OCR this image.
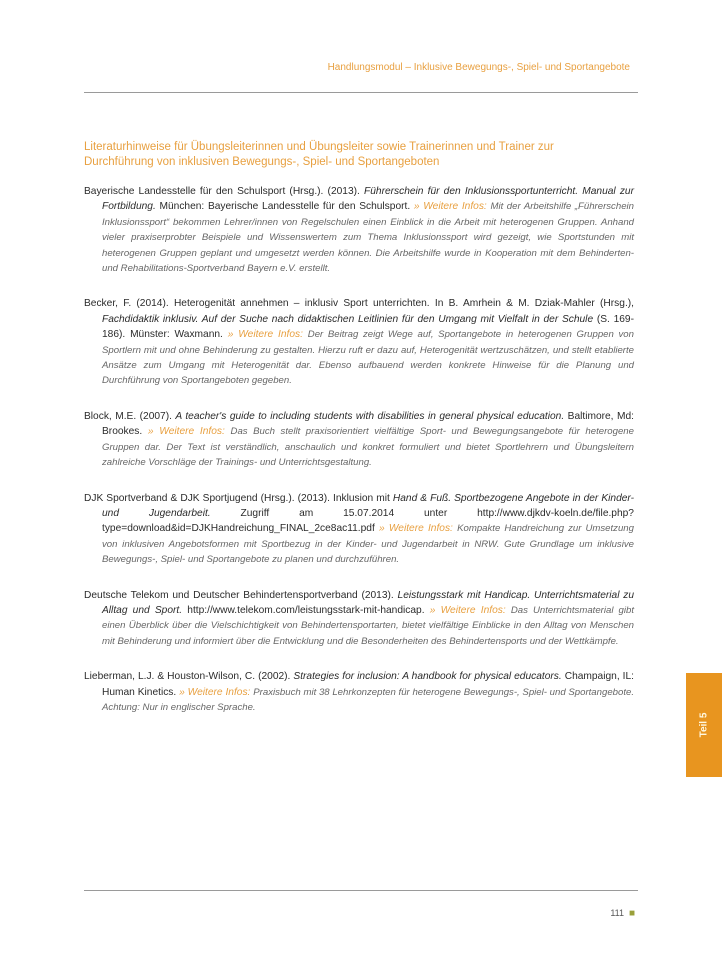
Handlungsmodul – Inklusive Bewegungs-, Spiel- und Sportangebote
Literaturhinweise für Übungsleiterinnen und Übungsleiter sowie Trainerinnen und Trainer zur Durchführung von inklusiven Bewegungs-, Spiel- und Sportangeboten
Bayerische Landesstelle für den Schulsport (Hrsg.). (2013). Führerschein für den Inklusionssportunterricht. Manual zur Fortbildung. München: Bayerische Landesstelle für den Schulsport. » Weitere Infos: Mit der Arbeitshilfe „Führerschein Inklusionssport“ bekommen Lehrer/innen von Regelschulen einen Einblick in die Arbeit mit heterogenen Gruppen. Anhand vieler praxiserprobter Beispiele und Wissenswertem zum Thema Inklusionssport wird gezeigt, wie Sportstunden mit heterogenen Gruppen geplant und umgesetzt werden können. Die Arbeitshilfe wurde in Kooperation mit dem Behinderten- und Rehabilitations-Sportverband Bayern e.V. erstellt.
Becker, F. (2014). Heterogenität annehmen – inklusiv Sport unterrichten. In B. Amrhein & M. Dziak-Mahler (Hrsg.), Fachdidaktik inklusiv. Auf der Suche nach didaktischen Leitlinien für den Umgang mit Vielfalt in der Schule (S. 169-186). Münster: Waxmann. » Weitere Infos: Der Beitrag zeigt Wege auf, Sportangebote in heterogenen Gruppen von Sportlern mit und ohne Behinderung zu gestalten. Hierzu ruft er dazu auf, Heterogenität wertzuschätzen, und stellt etablierte Ansätze zum Umgang mit Heterogenität dar. Ebenso aufbauend werden konkrete Hinweise für die Planung und Durchführung von Sportangeboten gegeben.
Block, M.E. (2007). A teacher's guide to including students with disabilities in general physical education. Baltimore, Md: Brookes. » Weitere Infos: Das Buch stellt praxisorientiert vielfältige Sport- und Bewegungsangebote für heterogene Gruppen dar. Der Text ist verständlich, anschaulich und konkret formuliert und bietet Sportlehrern und Übungsleitern zahlreiche Vorschläge der Trainings- und Unterrichtsgestaltung.
DJK Sportverband & DJK Sportjugend (Hrsg.). (2013). Inklusion mit Hand & Fuß. Sportbezogene Angebote in der Kinder- und Jugendarbeit.	Zugriff am 15.07.2014 unter http://www.djkdv-koeln.de/file.php?type=download&id=DJKHandreichung_FINAL_2ce8ac11.pdf » Weitere Infos: Kompakte Handreichung zur Umsetzung von inklusiven Angebotsformen mit Sportbezug in der Kinder- und Jugendarbeit in NRW. Gute Grundlage um inklusive Bewegungs-, Spiel- und Sportangebote zu planen und durchzuführen.
Deutsche Telekom und Deutscher Behindertensportverband (2013). Leistungsstark mit Handicap. Unterrichtsmaterial zu Alltag und Sport. http://www.telekom.com/leistungsstark-mit-handicap. » Weitere Infos: Das Unterrichtsmaterial gibt einen Überblick über die Vielschichtigkeit von Behindertensportarten, bietet vielfältige Einblicke in den Alltag von Menschen mit Behinderung und informiert über die Entwicklung und die Besonderheiten des Behindertensports und der Wettkämpfe.
Lieberman, L.J. & Houston-Wilson, C. (2002). Strategies for inclusion: A handbook for physical educators. Champaign, IL: Human Kinetics. » Weitere Infos: Praxisbuch mit 38 Lehrkonzepten für heterogene Bewegungs-, Spiel- und Sportangebote. Achtung: Nur in englischer Sprache.
Teil 5
111 ■
